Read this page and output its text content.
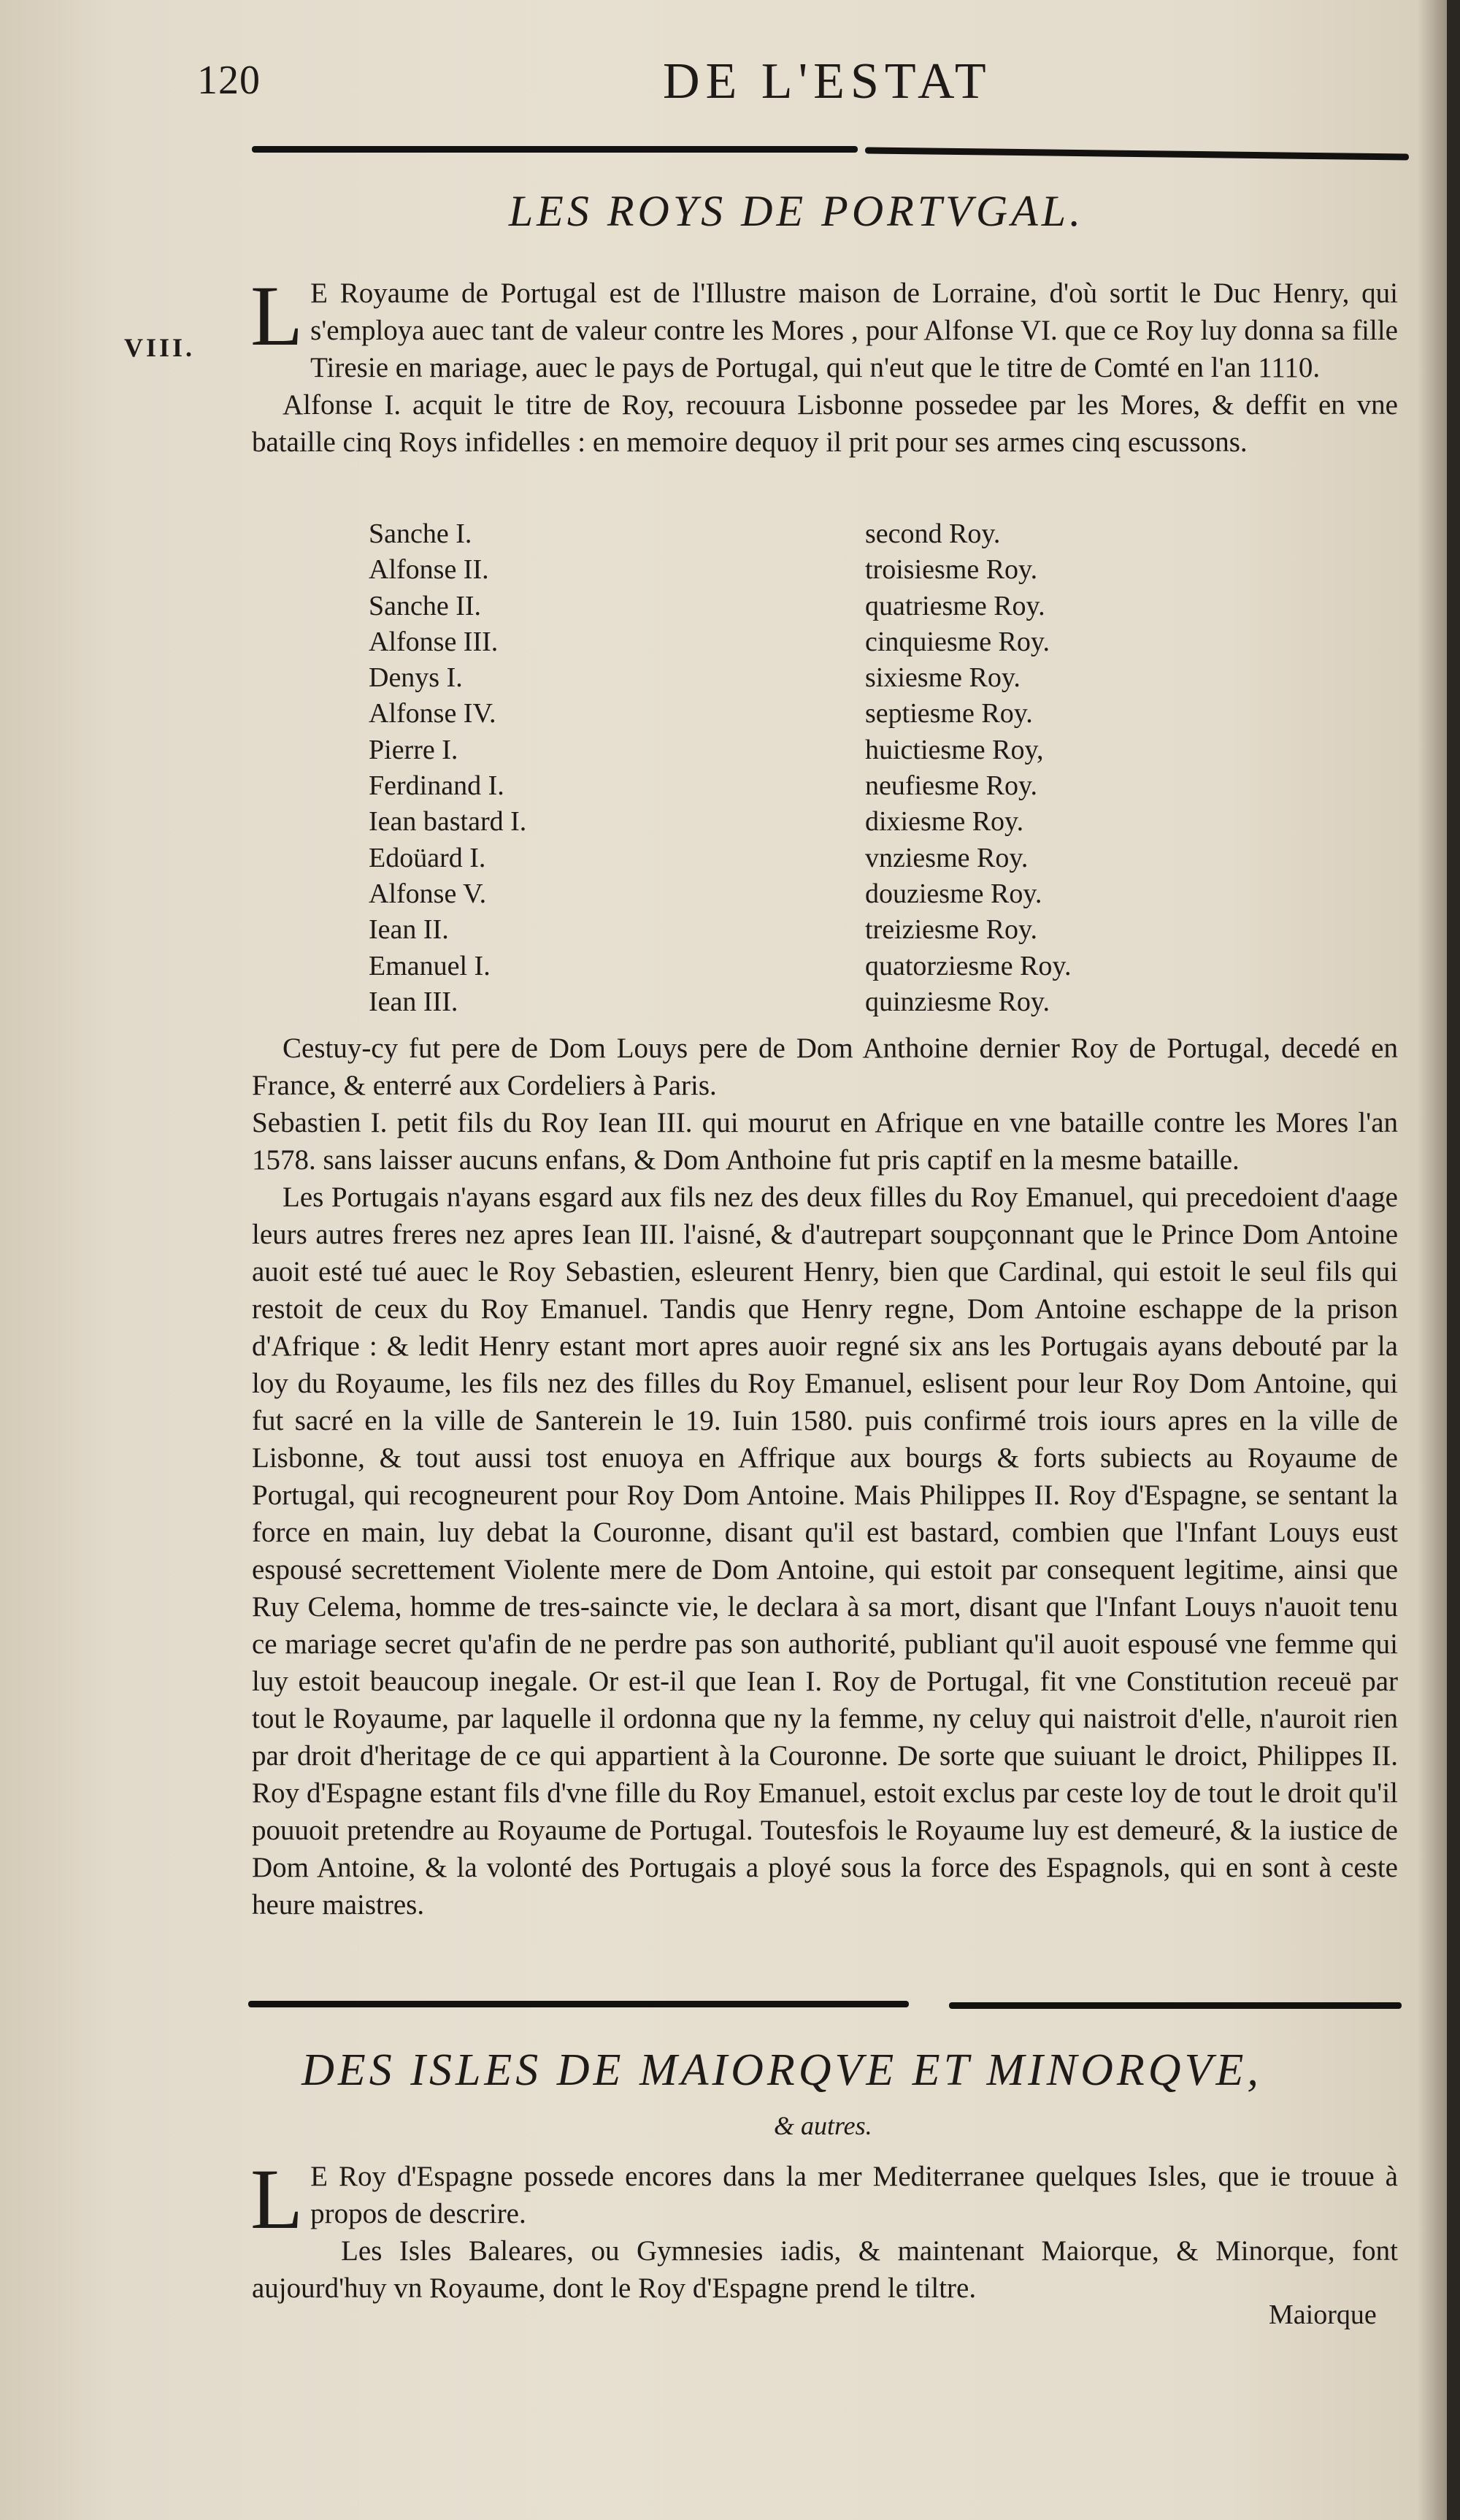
120	DE L'ESTAT
LES ROYS DE PORTVGAL.
VIII. L E Royaume de Portugal est de l'Illustre maison de Lorraine, d'où sortit le Duc Henry, qui s'employa auec tant de valeur contre les Mores , pour Alfonse VI. que ce Roy luy donna sa fille Tiresie en mariage, auec le pays de Portugal, qui n'eut que le titre de Comté en l'an 1110.

Alfonse I. acquit le titre de Roy, recouura Lisbonne possedee par les Mores, & deffit en vne bataille cinq Roys infidelles : en memoire dequoy il prit pour ses armes cinq escussons.

Sanche I.	second Roy.
Alfonse II.	troisiesme Roy.
Sanche II.	quatriesme Roy.
Alfonse III.	cinquiesme Roy.
Denys I.	sixiesme Roy.
Alfonse IV.	septiesme Roy.
Pierre I.	huictiesme Roy,
Ferdinand I.	neufiesme Roy.
Iean bastard I.	dixiesme Roy.
Edoüard I.	vnziesme Roy.
Alfonse V.	douziesme Roy.
Iean II.	treiziesme Roy.
Emanuel I.	quatorziesme Roy.
Iean III.	quinziesme Roy.

Cestuy-cy fut pere de Dom Louys pere de Dom Anthoine dernier Roy de Portugal, decedé en France, & enterré aux Cordeliers à Paris.

Sebastien I. petit fils du Roy Iean III. qui mourut en Afrique en vne bataille contre les Mores l'an 1578. sans laisser aucuns enfans, & Dom Anthoine fut pris captif en la mesme bataille.

Les Portugais n'ayans esgard aux fils nez des deux filles du Roy Emanuel, qui precedoient d'aage leurs autres freres nez apres Iean III. l'aisné, & d'autrepart soupçonnant que le Prince Dom Antoine auoit esté tué auec le Roy Sebastien, esleurent Henry, bien que Cardinal, qui estoit le seul fils qui restoit de ceux du Roy Emanuel. Tandis que Henry regne, Dom Antoine eschappe de la prison d'Afrique : & ledit Henry estant mort apres auoir regné six ans les Portugais ayans debouté par la loy du Royaume, les fils nez des filles du Roy Emanuel, eslisent pour leur Roy Dom Antoine, qui fut sacré en la ville de Santerein le 19. Iuin 1580. puis confirmé trois iours apres en la ville de Lisbonne, & tout aussi tost enuoya en Affrique aux bourgs & forts subiects au Royaume de Portugal, qui recogneurent pour Roy Dom Antoine. Mais Philippes II. Roy d'Espagne, se sentant la force en main, luy debat la Couronne, disant qu'il est bastard, combien que l'Infant Louys eust espousé secrettement Violente mere de Dom Antoine, qui estoit par consequent legitime, ainsi que Ruy Celema, homme de tres-saincte vie, le declara à sa mort, disant que l'Infant Louys n'auoit tenu ce mariage secret qu'afin de ne perdre pas son authorité, publiant qu'il auoit espousé vne femme qui luy estoit beaucoup inegale. Or est-il que Iean I. Roy de Portugal, fit vne Constitution receuë par tout le Royaume, par laquelle il ordonna que ny la femme, ny celuy qui naistroit d'elle, n'auroit rien par droit d'heritage de ce qui appartient à la Couronne. De sorte que suiuant le droict, Philippes II. Roy d'Espagne estant fils d'vne fille du Roy Emanuel, estoit exclus par ceste loy de tout le droit qu'il pouuoit pretendre au Royaume de Portugal. Toutesfois le Royaume luy est demeuré, & la iustice de Dom Antoine, & la volonté des Portugais a ployé sous la force des Espagnols, qui en sont à ceste heure maistres.

DES ISLES DE MAIORQVE ET MINORQVE,
& autres.

L E Roy d'Espagne possede encores dans la mer Mediterranee quelques Isles, que ie trouue à propos de descrire.

Les Isles Baleares, ou Gymnesies iadis, & maintenant Maiorque, & Minorque, font aujourd'huy vn Royaume, dont le Roy d'Espagne prend le tiltre.

Maiorque
